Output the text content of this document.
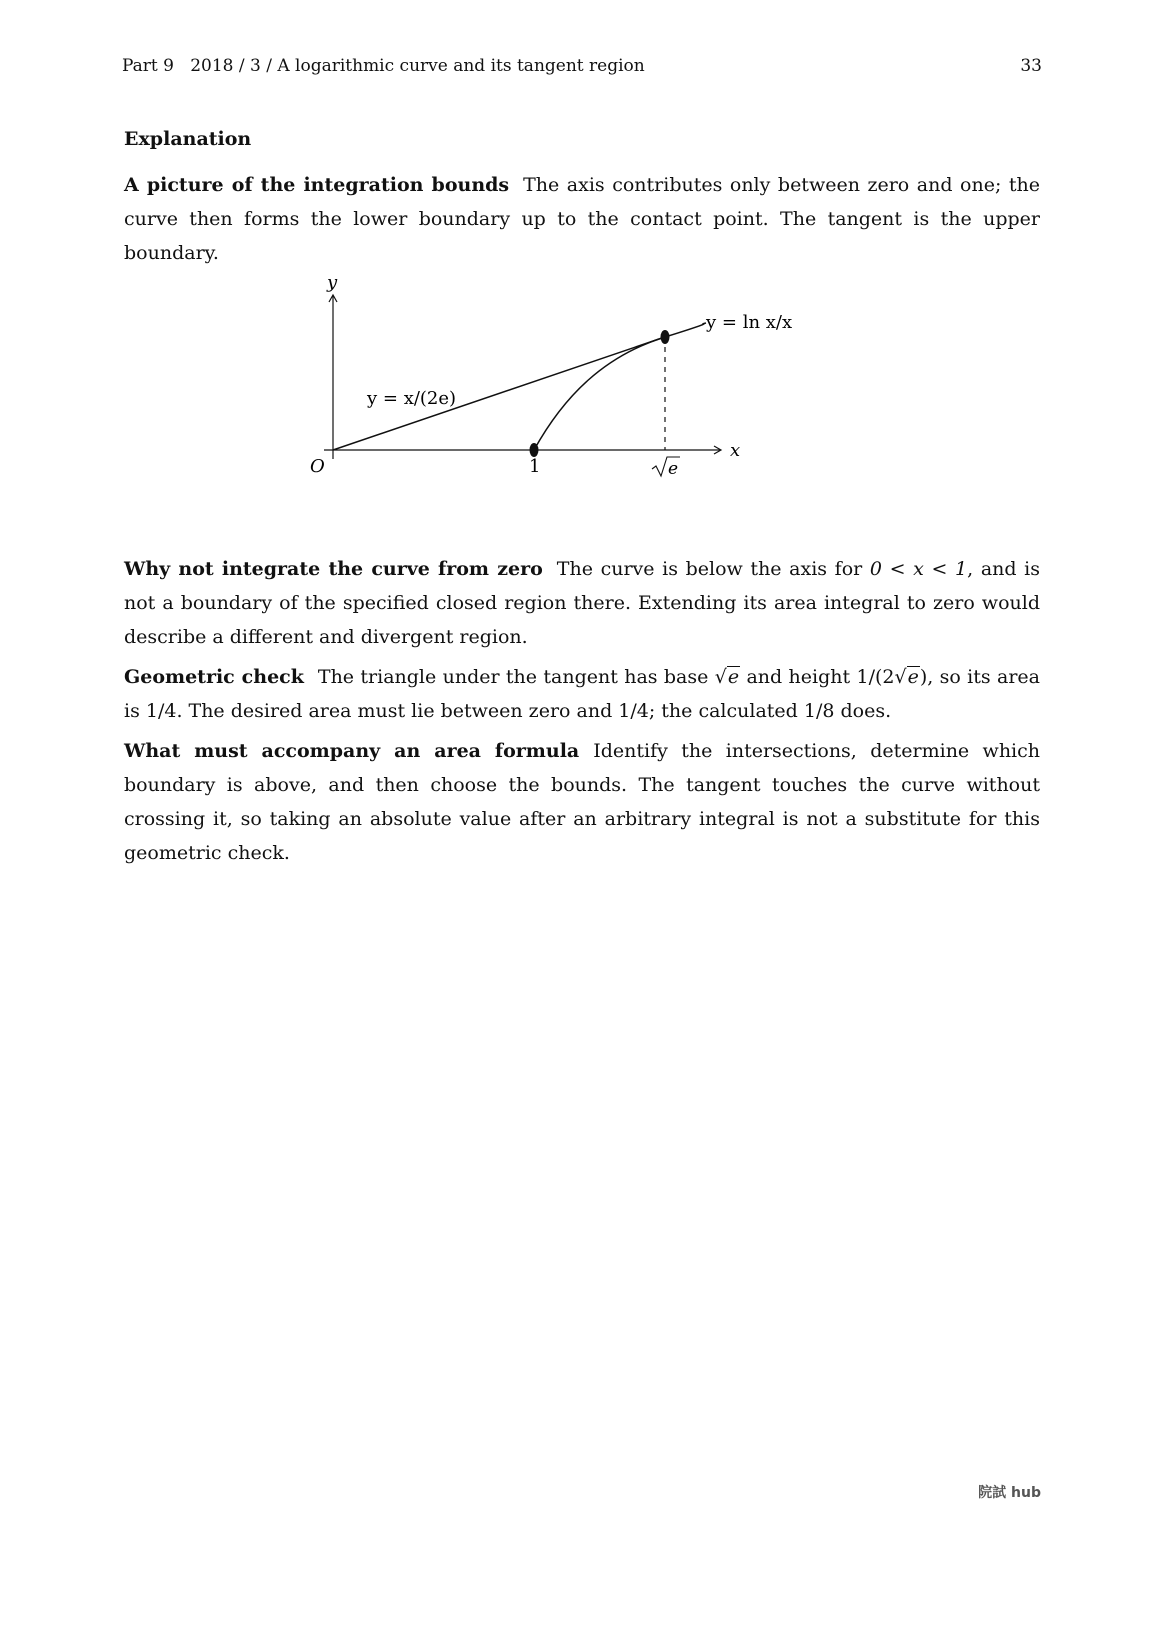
Part 9   2018 / 3 / A logarithmic curve and its tangent region	33
Explanation

A picture of the integration bounds The axis contributes only between zero and one; the curve then forms the lower boundary up to the contact point. The tangent is the upper boundary.

y
x
O	1	e
y = ln x/x
y = x/(2e)

Why not integrate the curve from zero The curve is below the axis for 0 < x < 1, and is not a boundary of the specified closed region there. Extending its area integral to zero would describe a different and divergent region.

Geometric check The triangle under the tangent has base √e and height 1/(2√e), so its area is 1/4. The desired area must lie between zero and 1/4; the calculated 1/8 does.

What must accompany an area formula Identify the intersections, determine which boundary is above, and then choose the bounds. The tangent touches the curve without crossing it, so taking an absolute value after an arbitrary integral is not a substitute for this geometric check.

院試 hub
